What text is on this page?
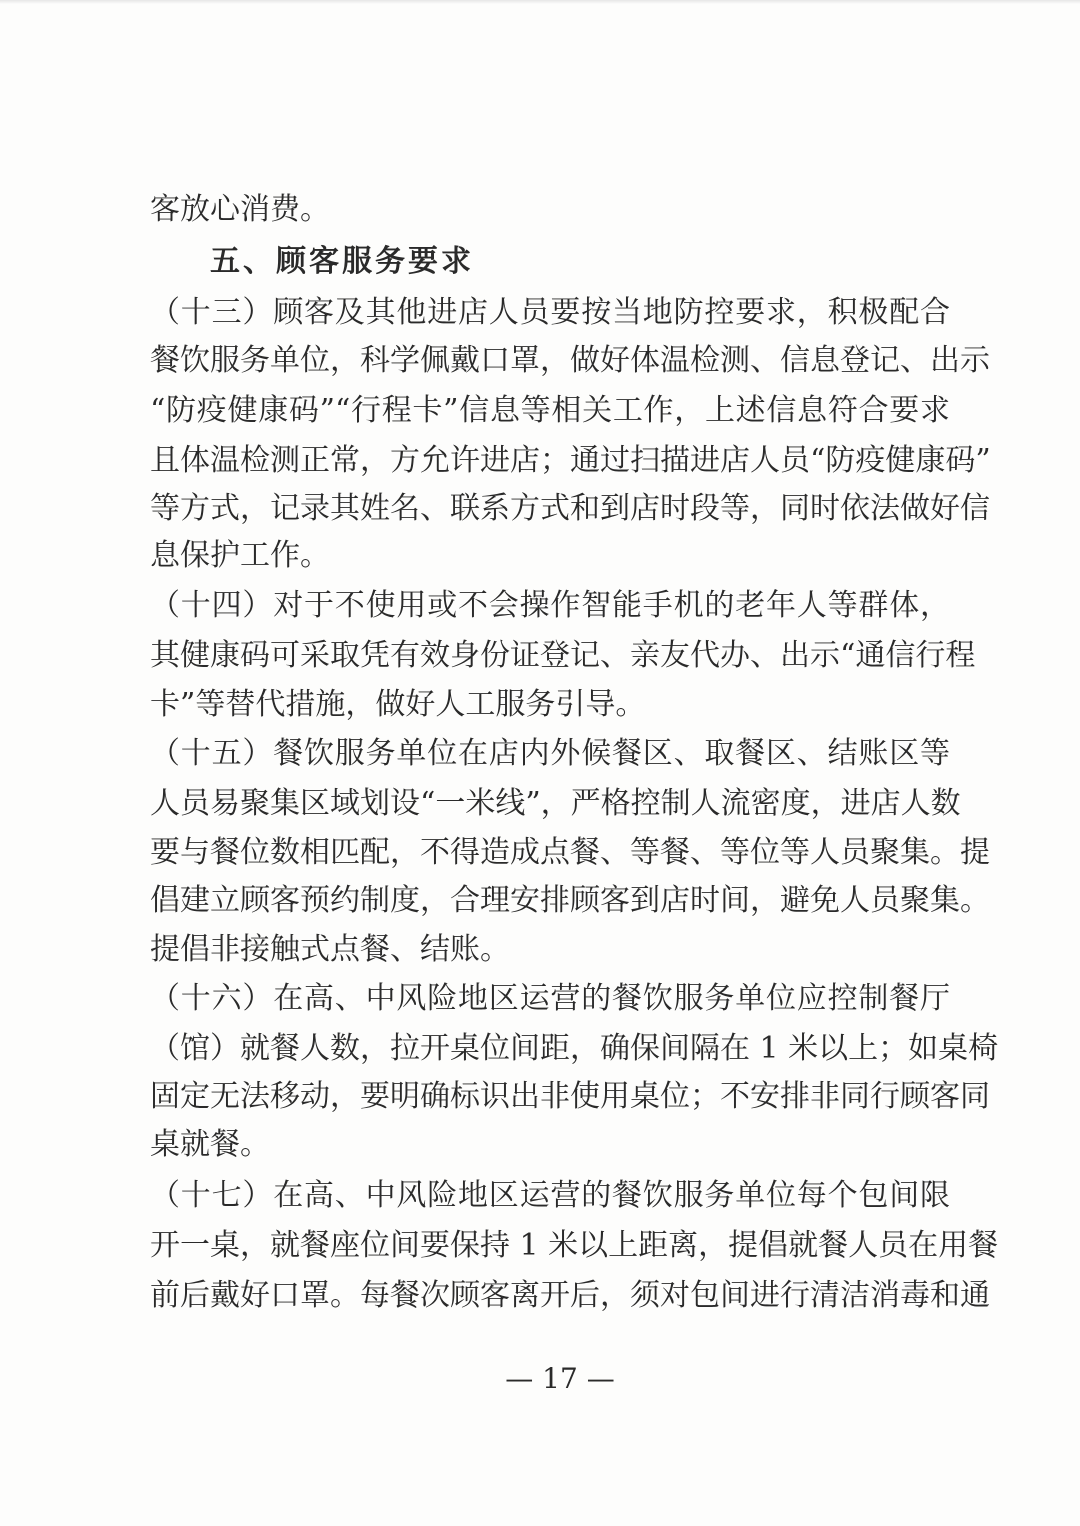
客放心消费。
五、顾客服务要求
（十三）顾客及其他进店人员要按当地防控要求，积极配合
餐饮服务单位，科学佩戴口罩，做好体温检测、信息登记、出示
“防疫健康码”“行程卡”信息等相关工作，上述信息符合要求
且体温检测正常，方允许进店；通过扫描进店人员“防疫健康码”
等方式，记录其姓名、联系方式和到店时段等，同时依法做好信
息保护工作。
（十四）对于不使用或不会操作智能手机的老年人等群体，
其健康码可采取凭有效身份证登记、亲友代办、出示“通信行程
卡”等替代措施，做好人工服务引导。
（十五）餐饮服务单位在店内外候餐区、取餐区、结账区等
人员易聚集区域划设“一米线”，严格控制人流密度，进店人数
要与餐位数相匹配，不得造成点餐、等餐、等位等人员聚集。提
倡建立顾客预约制度，合理安排顾客到店时间，避免人员聚集。
提倡非接触式点餐、结账。
（十六）在高、中风险地区运营的餐饮服务单位应控制餐厅
（馆）就餐人数，拉开桌位间距，确保间隔在 1 米以上；如桌椅
固定无法移动，要明确标识出非使用桌位；不安排非同行顾客同
桌就餐。
（十七）在高、中风险地区运营的餐饮服务单位每个包间限
开一桌，就餐座位间要保持 1 米以上距离，提倡就餐人员在用餐
前后戴好口罩。每餐次顾客离开后，须对包间进行清洁消毒和通
— 17 —
